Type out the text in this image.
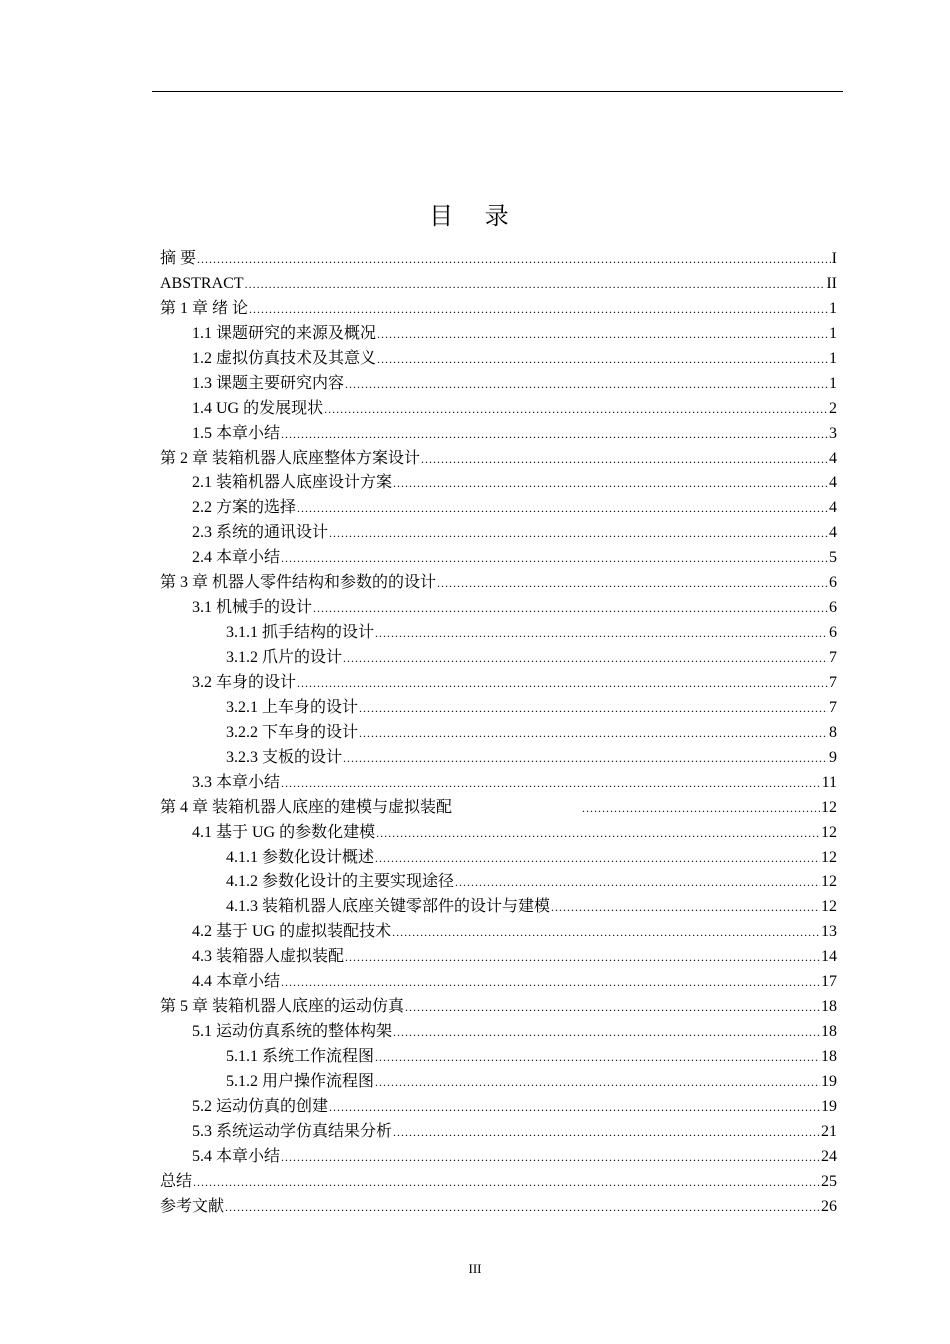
目 录
摘 要 .....	I
ABSTRACT .....	II
第 1 章 绪 论 .....	1
1.1 课题研究的来源及概况 .....	1
1.2 虚拟仿真技术及其意义 .....	1
1.3 课题主要研究内容 .....	1
1.4 UG 的发展现状 .....	2
1.5 本章小结 .....	3
第 2 章 装箱机器人底座整体方案设计 .....	4
2.1 装箱机器人底座设计方案 .....	4
2.2 方案的选择 .....	4
2.3 系统的通讯设计 .....	4
2.4 本章小结 .....	5
第 3 章 机器人零件结构和参数的的设计 .....	6
3.1 机械手的设计 .....	6
3.1.1 抓手结构的设计 .....	6
3.1.2 爪片的设计 .....	7
3.2 车身的设计 .....	7
3.2.1 上车身的设计 .....	7
3.2.2 下车身的设计 .....	8
3.2.3 支板的设计 .....	9
3.3 本章小结 .....	11
第 4 章 装箱机器人底座的建模与虚拟装配 .....	12
4.1 基于 UG 的参数化建模 .....	12
4.1.1 参数化设计概述 .....	12
4.1.2 参数化设计的主要实现途径 .....	12
4.1.3 装箱机器人底座关键零部件的设计与建模 .....	12
4.2 基于 UG 的虚拟装配技术 .....	13
4.3 装箱器人虚拟装配 .....	14
4.4 本章小结 .....	17
第 5 章 装箱机器人底座的运动仿真 .....	18
5.1 运动仿真系统的整体构架 .....	18
5.1.1 系统工作流程图 .....	18
5.1.2 用户操作流程图 .....	19
5.2 运动仿真的创建 .....	19
5.3 系统运动学仿真结果分析 .....	21
5.4 本章小结 .....	24
总结 .....	25
参考文献 .....	26
III
